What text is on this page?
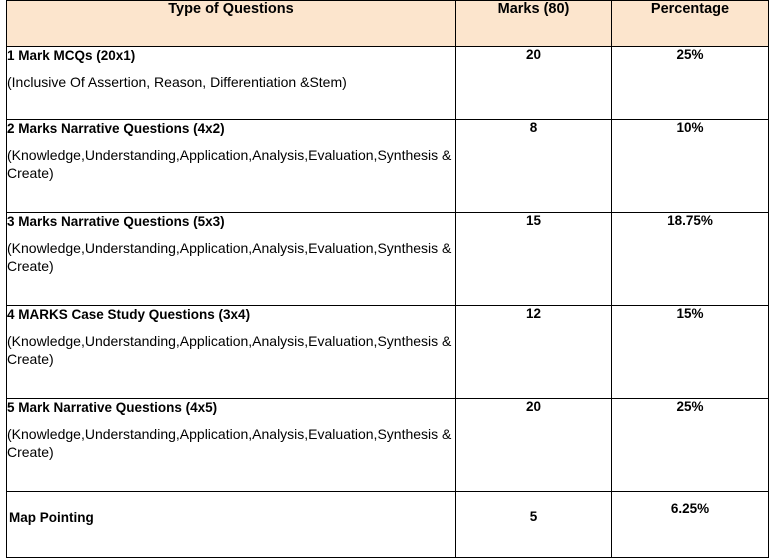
Type of Questions	Marks (80)	Percentage

1 Mark MCQs (20x1)
(Inclusive Of Assertion, Reason, Differentiation &Stem)	20	25%

2 Marks Narrative Questions (4x2)
(Knowledge,Understanding,Application,Analysis,Evaluation,Synthesis & Create)	8	10%

3 Marks Narrative Questions (5x3)
(Knowledge,Understanding,Application,Analysis,Evaluation,Synthesis & Create)	15	18.75%

4 MARKS Case Study Questions (3x4)
(Knowledge,Understanding,Application,Analysis,Evaluation,Synthesis & Create)	12	15%

5 Mark Narrative Questions (4x5)
(Knowledge,Understanding,Application,Analysis,Evaluation,Synthesis & Create)	20	25%

Map Pointing	5	6.25%
